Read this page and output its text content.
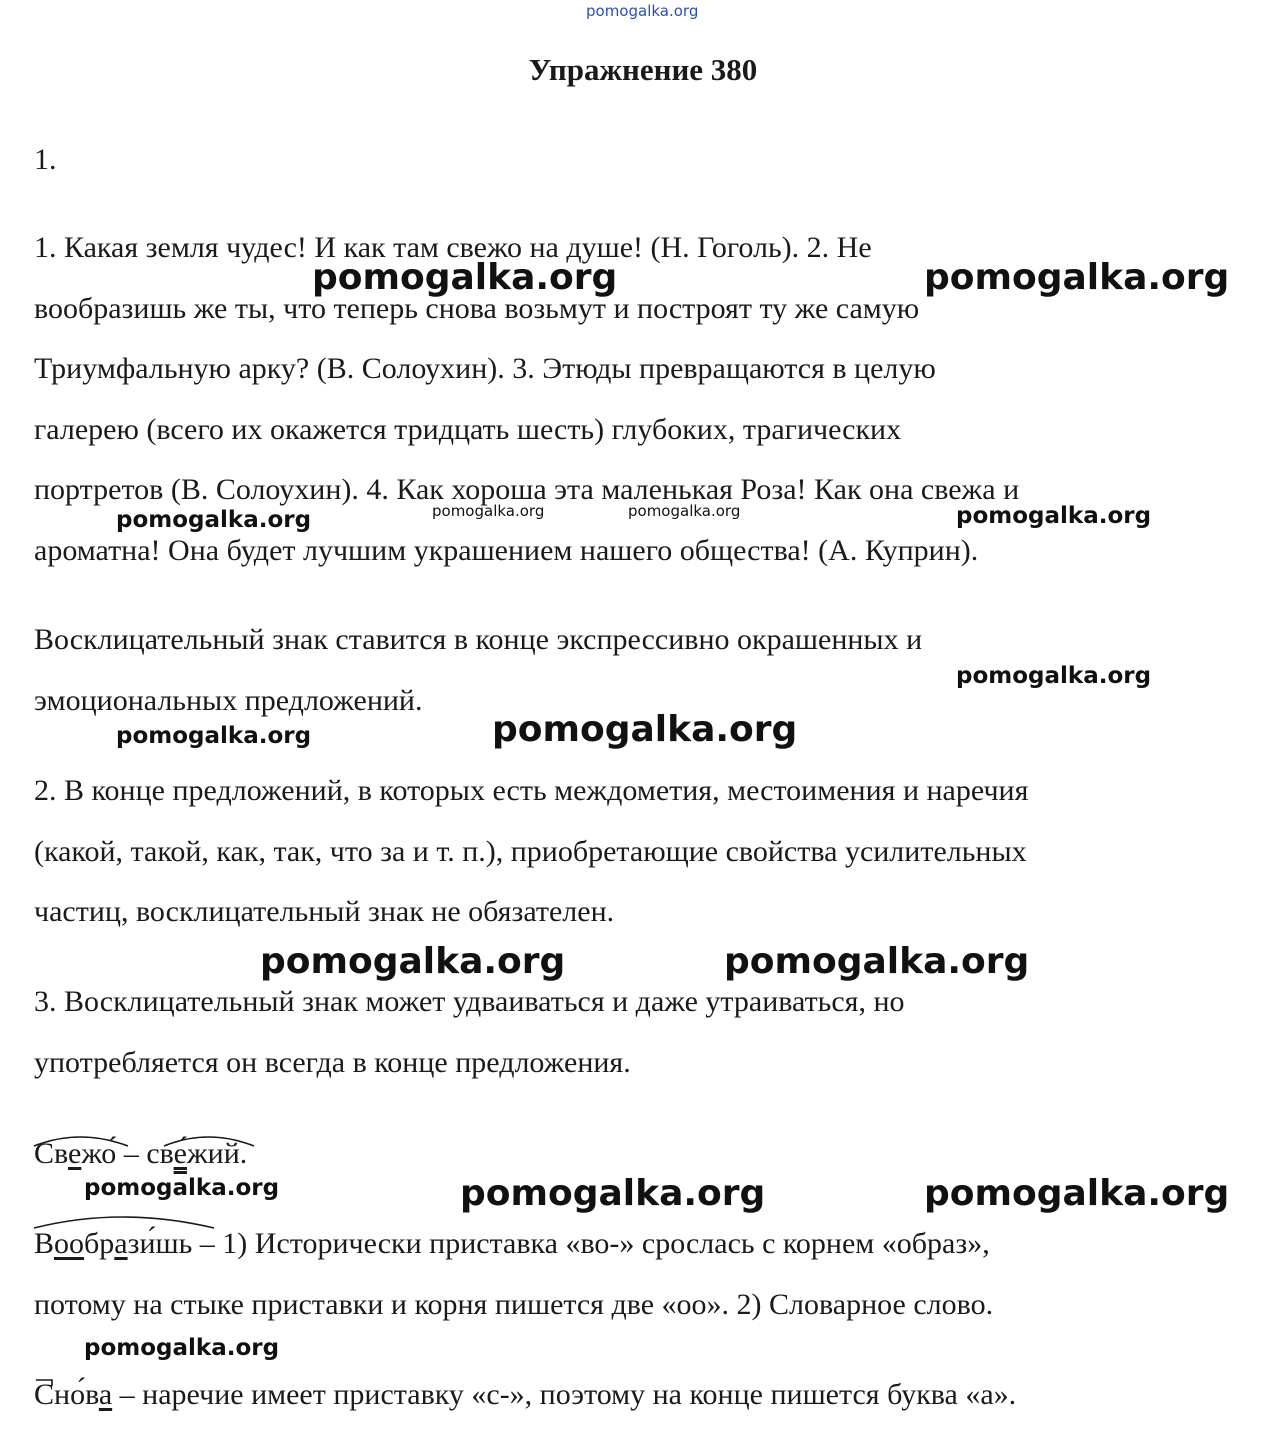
pomogalka.org
Упражнение 380
1.
1. Какая земля чудес! И как там свежо на душе! (Н. Гоголь). 2. Не
вообразишь же ты, что теперь снова возьмут и построят ту же самую
Триумфальную арку? (В. Солоухин). 3. Этюды превращаются в целую
галерею (всего их окажется тридцать шесть) глубоких, трагических
портретов (В. Солоухин). 4. Как хороша эта маленькая Роза! Как она свежа и
ароматна! Она будет лучшим украшением нашего общества! (А. Куприн).
Восклицательный знак ставится в конце экспрессивно окрашенных и
эмоциональных предложений.
2. В конце предложений, в которых есть междометия, местоимения и наречия
(какой, такой, как, так, что за и т. п.), приобретающие свойства усилительных
частиц, восклицательный знак не обязателен.
3. Восклицательный знак может удваиваться и даже утраиваться, но
употребляется он всегда в конце предложения.
Свежо́ – све́жий.
Вообрази́шь – 1) Исторически приставка «во-» срослась с корнем «образ»,
потому на стыке приставки и корня пишется две «оо». 2) Словарное слово.
Сно́ва – наречие имеет приставку «с-», поэтому на конце пишется буква «а».
pomogalka.org	pomogalka.org
pomogalka.org	pomogalka.org	pomogalka.org	pomogalka.org
pomogalka.org
pomogalka.org	pomogalka.org
pomogalka.org	pomogalka.org
pomogalka.org	pomogalka.org	pomogalka.org
pomogalka.org
